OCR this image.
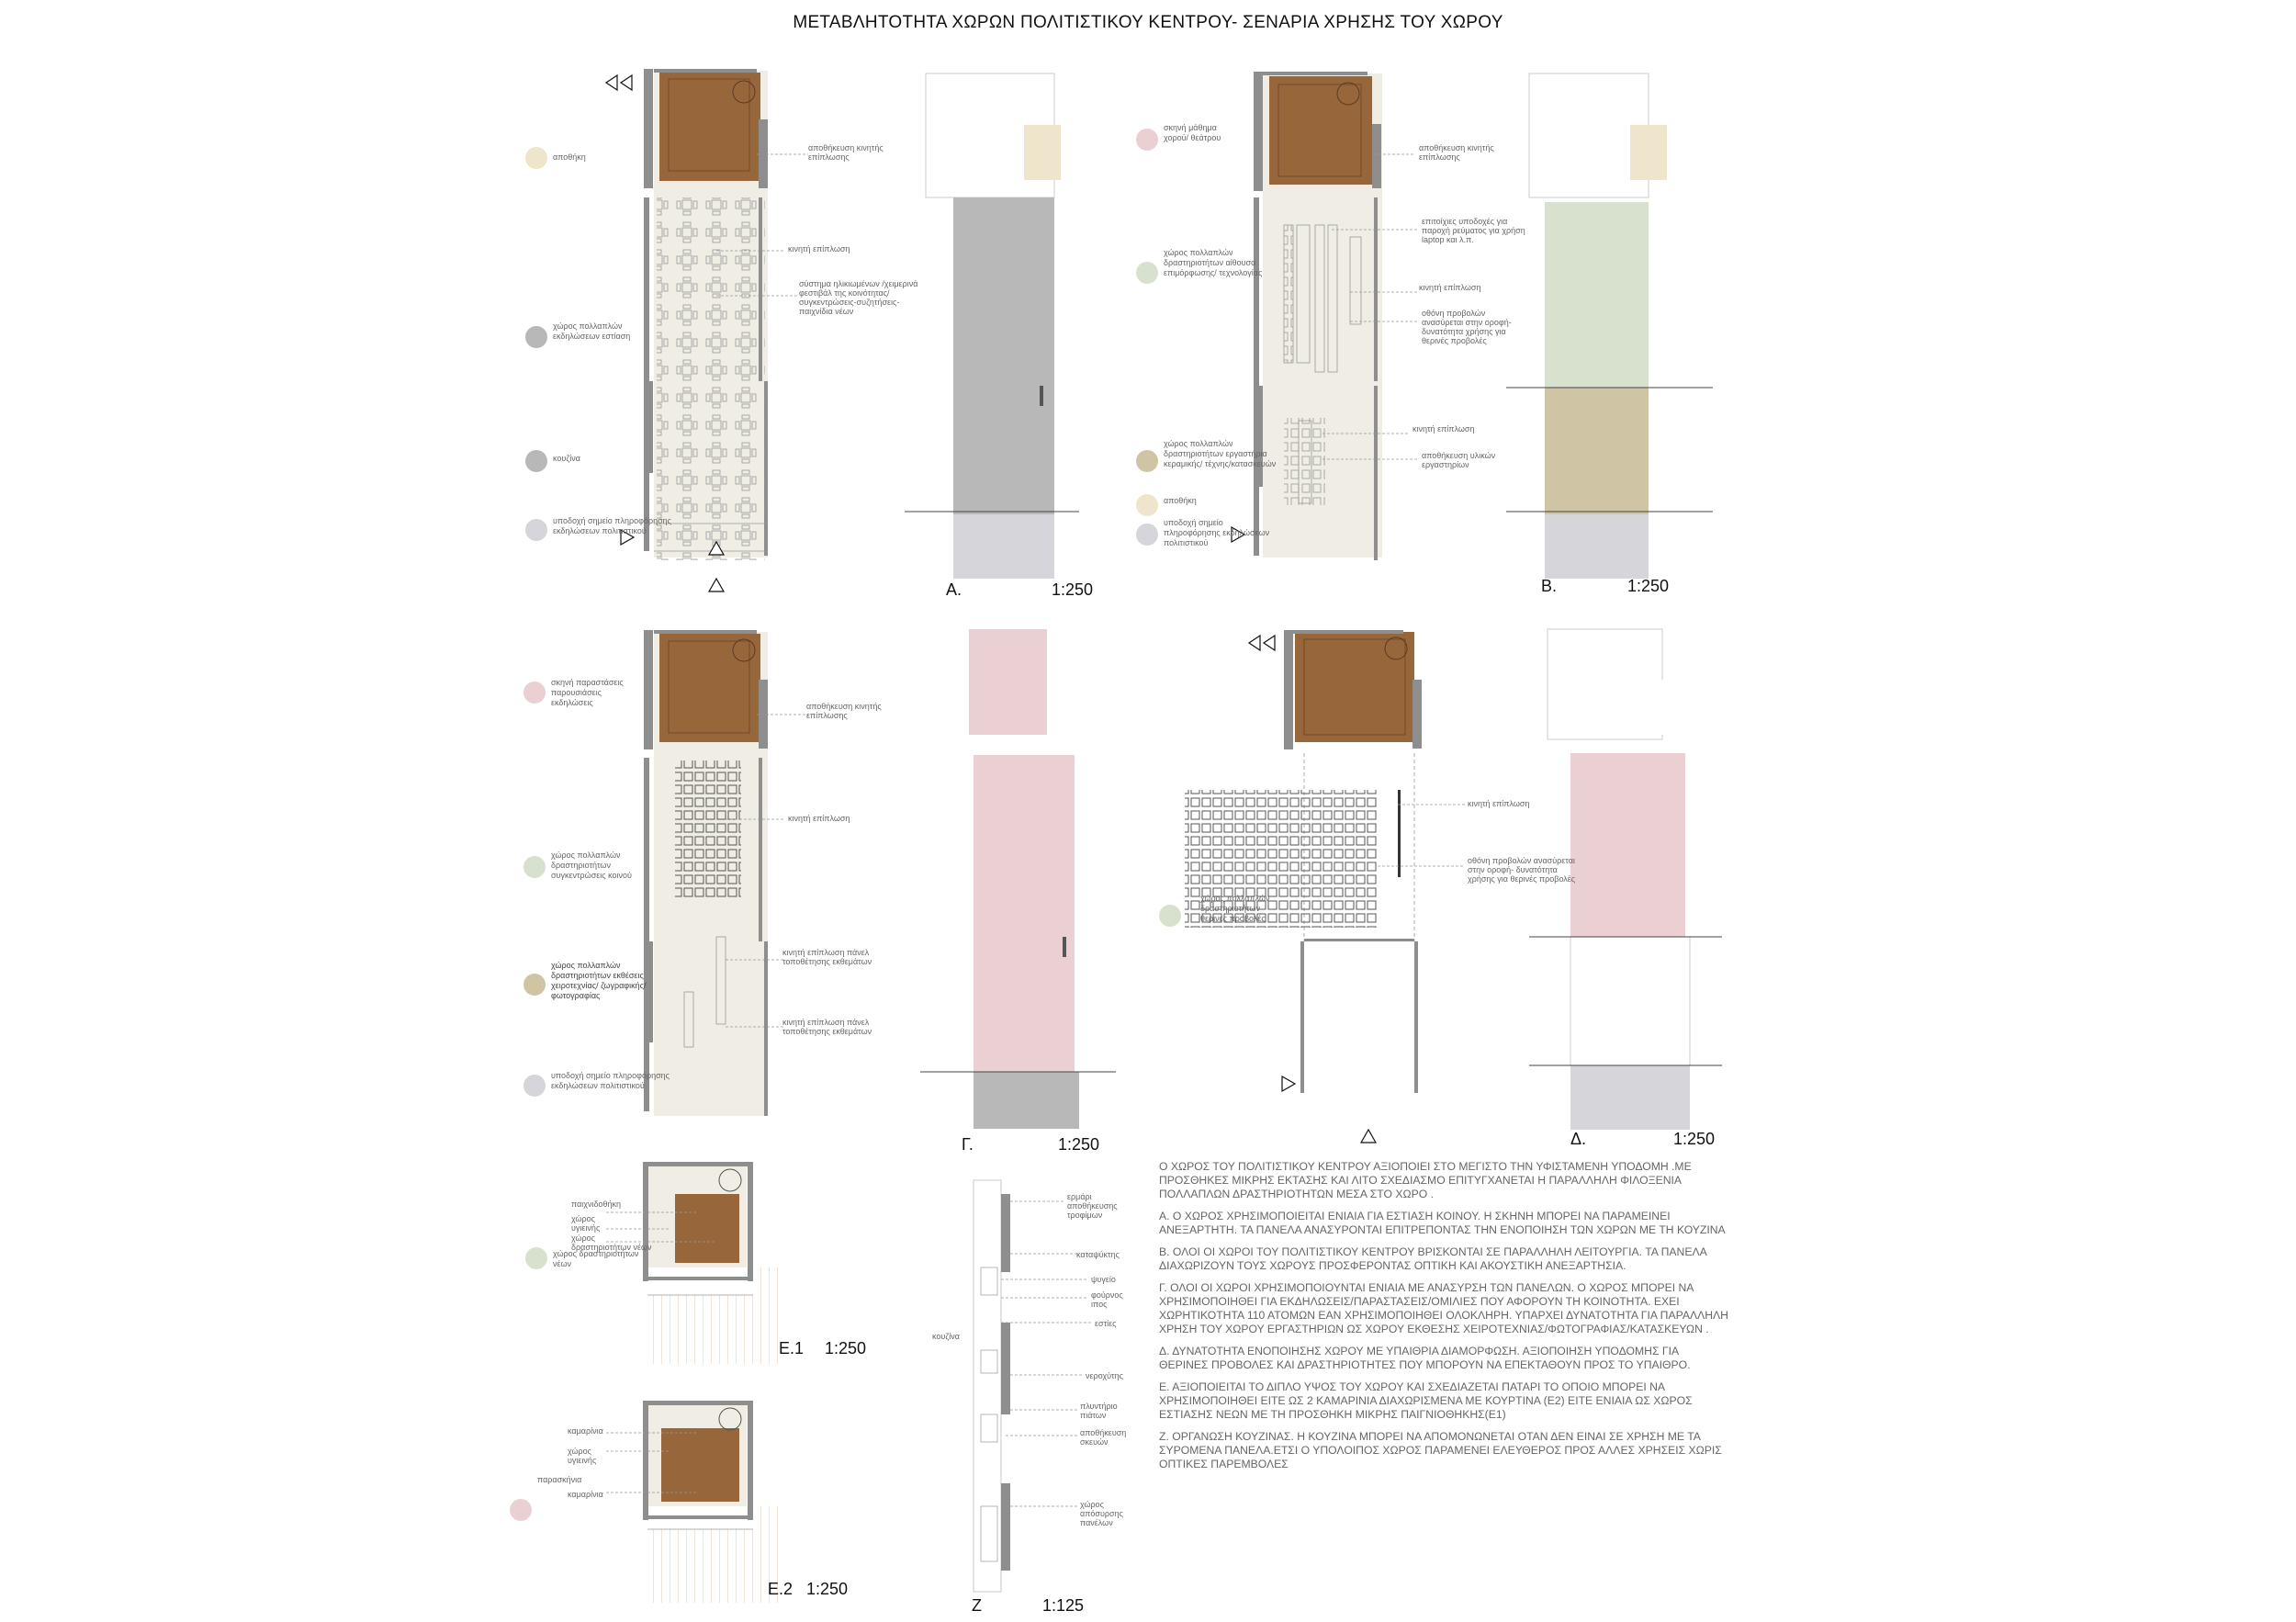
ΜΕΤΑΒΛΗΤΟΤΗΤΑ ΧΩΡΩΝ ΠΟΛΙΤΙΣΤΙΚΟΥ ΚΕΝΤΡΟΥ- ΣΕΝΑΡΙΑ ΧΡΗΣΗΣ ΤΟΥ ΧΩΡΟΥ
αποθήκη
χώρος πολλαπλών εκδηλώσεων εστίαση
κουζίνα
υποδοχή σημείο πληροφόρησης εκδηλώσεων πολιτιστικού
αποθήκευση κινητής επίπλωσης
κινητή επίπλωση
σύστημα ηλικιωμένων /χειμερινά φεστιβάλ της κοινότητας/ συγκεντρώσεις-συζητήσεις-παιχνίδια νέων
σκηνή μάθημα χορού/ θεάτρου
χώρος πολλαπλών δραστηριοτήτων αίθουσα επιμόρφωσης/ τεχνολογίας
χώρος πολλαπλών δραστηριοτήτων εργαστήρια κεραμικής/ τέχνης/κατασκευών
αποθήκη
υποδοχή σημείο πληροφόρησης εκδηλώσεων πολιτιστικού
αποθήκευση κινητής επίπλωσης
επιτοίχιες υποδοχές για παροχή ρεύματος για χρήση laptop και λ.π.
κινητή επίπλωση
οθόνη προβολών ανασύρεται στην οροφή- δυνατότητα χρήσης για θερινές προβολές
κινητή επίπλωση
αποθήκευση υλικών εργαστηρίων
σκηνή παραστάσεις παρουσιάσεις εκδηλώσεις
χώρος πολλαπλών δραστηριοτήτων συγκεντρώσεις κοινού
χώρος πολλαπλών δραστηριοτήτων εκθέσεις χειροτεχνίας/ ζωγραφικής/φωτογραφίας
υποδοχή σημείο πληροφόρησης εκδηλώσεων πολιτιστικού
αποθήκευση κινητής επίπλωσης
κινητή επίπλωση
κινητή επίπλωση πάνελ τοποθέτησης εκθεμάτων
κινητή επίπλωση πάνελ τοποθέτησης εκθεμάτων
χώρος πολλαπλών δραστηριοτήτων θερινές προβολές
κινητή επίπλωση
οθόνη προβολών ανασύρεται στην οροφή- δυνατότητα χρήσης για θερινές προβολές
χώρος δραστηριοτήτων νέων
παιχνιδοθήκη
χώρος υγιεινής
χώρος δραστηριοτήτων νέων
παρασκήνια
καμαρίνια
χώρος υγιεινής
καμαρίνια
ερμάρι αποθήκευσης τροφίμων
καταψύκτης
ψυγείο
φούρνος ιπος
εστίες
νεροχύτης
πλυντήριο πιάτων
αποθήκευση σκευών
χώρος απόσυρσης πανέλων
κουζίνα
Α.	1:250	Β.	1:250
Γ.	1:250	Δ.	1:250
Ε.1 1:250
Ε.2 1:250
Ζ	1:125

Ο ΧΩΡΟΣ ΤΟΥ ΠΟΛΙΤΙΣΤΙΚΟΥ ΚΕΝΤΡΟΥ ΑΞΙΟΠΟΙΕΙ ΣΤΟ ΜΕΓΙΣΤΟ ΤΗΝ ΥΦΙΣΤΑΜΕΝΗ ΥΠΟΔΟΜΗ .ΜΕ ΠΡΟΣΘΗΚΕΣ ΜΙΚΡΗΣ ΕΚΤΑΣΗΣ ΚΑΙ ΛΙΤΟ ΣΧΕΔΙΑΣΜΟ ΕΠΙΤΥΓΧΑΝΕΤΑΙ Η ΠΑΡΑΛΛΗΛΗ ΦΙΛΟΞΕΝΙΑ ΠΟΛΛΑΠΛΩΝ ΔΡΑΣΤΗΡΙΟΤΗΤΩΝ ΜΕΣΑ ΣΤΟ ΧΩΡΟ .

Α. Ο ΧΩΡΟΣ ΧΡΗΣΙΜΟΠΟΙΕΙΤΑΙ ΕΝΙΑΙΑ ΓΙΑ ΕΣΤΙΑΣΗ ΚΟΙΝΟΥ. Η ΣΚΗΝΗ ΜΠΟΡΕΙ ΝΑ ΠΑΡΑΜΕΙΝΕΙ ΑΝΕΞΑΡΤΗΤΗ. ΤΑ ΠΑΝΕΛΑ ΑΝΑΣΥΡΟΝΤΑΙ ΕΠΙΤΡΕΠΟΝΤΑΣ ΤΗΝ ΕΝΟΠΟΙΗΣΗ ΤΩΝ ΧΩΡΩΝ ΜΕ ΤΗ ΚΟΥΖΙΝΑ

Β. ΟΛΟΙ ΟΙ ΧΩΡΟΙ ΤΟΥ ΠΟΛΙΤΙΣΤΙΚΟΥ ΚΕΝΤΡΟΥ ΒΡΙΣΚΟΝΤΑΙ ΣΕ ΠΑΡΑΛΛΗΛΗ ΛΕΙΤΟΥΡΓΙΑ. ΤΑ ΠΑΝΕΛΑ ΔΙΑΧΩΡΙΖΟΥΝ ΤΟΥΣ ΧΩΡΟΥΣ ΠΡΟΣΦΕΡΟΝΤΑΣ ΟΠΤΙΚΗ ΚΑΙ ΑΚΟΥΣΤΙΚΗ ΑΝΕΞΑΡΤΗΣΙΑ.

Γ. ΟΛΟΙ ΟΙ ΧΩΡΟΙ ΧΡΗΣΙΜΟΠΟΙΟΥΝΤΑΙ ΕΝΙΑΙΑ ΜΕ ΑΝΑΣΥΡΣΗ ΤΩΝ ΠΑΝΕΛΩΝ. Ο ΧΩΡΟΣ ΜΠΟΡΕΙ ΝΑ ΧΡΗΣΙΜΟΠΟΙΗΘΕΙ ΓΙΑ ΕΚΔΗΛΩΣΕΙΣ/ΠΑΡΑΣΤΑΣΕΙΣ/ΟΜΙΛΙΕΣ ΠΟΥ ΑΦΟΡΟΥΝ ΤΗ ΚΟΙΝΟΤΗΤΑ. ΕΧΕΙ ΧΩΡΗΤΙΚΟΤΗΤΑ 110 ΑΤΟΜΩΝ ΕΑΝ ΧΡΗΣΙΜΟΠΟΙΗΘΕΙ ΟΛΟΚΛΗΡΗ. ΥΠΑΡΧΕΙ ΔΥΝΑΤΟΤΗΤΑ ΓΙΑ ΠΑΡΑΛΛΗΛΗ ΧΡΗΣΗ ΤΟΥ ΧΩΡΟΥ ΕΡΓΑΣΤΗΡΙΩΝ ΩΣ ΧΩΡΟΥ ΕΚΘΕΣΗΣ ΧΕΙΡΟΤΕΧΝΙΑΣ/ΦΩΤΟΓΡΑΦΙΑΣ/ΚΑΤΑΣΚΕΥΩΝ .

Δ. ΔΥΝΑΤΟΤΗΤΑ ΕΝΟΠΟΙΗΣΗΣ ΧΩΡΟΥ ΜΕ ΥΠΑΙΘΡΙΑ ΔΙΑΜΟΡΦΩΣΗ. ΑΞΙΟΠΟΙΗΣΗ ΥΠΟΔΟΜΗΣ ΓΙΑ ΘΕΡΙΝΕΣ ΠΡΟΒΟΛΕΣ ΚΑΙ ΔΡΑΣΤΗΡΙΟΤΗΤΕΣ ΠΟΥ ΜΠΟΡΟΥΝ ΝΑ ΕΠΕΚΤΑΘΟΥΝ ΠΡΟΣ ΤΟ ΥΠΑΙΘΡΟ.

Ε. ΑΞΙΟΠΟΙΕΙΤΑΙ ΤΟ ΔΙΠΛΟ ΥΨΟΣ ΤΟΥ ΧΩΡΟΥ ΚΑΙ ΣΧΕΔΙΑΖΕΤΑΙ ΠΑΤΑΡΙ ΤΟ ΟΠΟΙΟ ΜΠΟΡΕΙ ΝΑ ΧΡΗΣΙΜΟΠΟΙΗΘΕΙ ΕΙΤΕ ΩΣ 2 ΚΑΜΑΡΙΝΙΑ ΔΙΑΧΩΡΙΣΜΕΝΑ ΜΕ ΚΟΥΡΤΙΝΑ (Ε2) ΕΙΤΕ ΕΝΙΑΙΑ ΩΣ ΧΩΡΟΣ ΕΣΤΙΑΣΗΣ ΝΕΩΝ ΜΕ ΤΗ ΠΡΟΣΘΗΚΗ ΜΙΚΡΗΣ ΠΑΙΓΝΙΟΘΗΚΗΣ(Ε1)

Ζ. ΟΡΓΑΝΩΣΗ ΚΟΥΖΙΝΑΣ. Η ΚΟΥΖΙΝΑ ΜΠΟΡΕΙ ΝΑ ΑΠΟΜΟΝΩΝΕΤΑΙ ΟΤΑΝ ΔΕΝ ΕΙΝΑΙ ΣΕ ΧΡΗΣΗ ΜΕ ΤΑ ΣΥΡΟΜΕΝΑ ΠΑΝΕΛΑ.ΕΤΣΙ Ο ΥΠΟΛΟΙΠΟΣ ΧΩΡΟΣ ΠΑΡΑΜΕΝΕΙ ΕΛΕΥΘΕΡΟΣ ΠΡΟΣ ΑΛΛΕΣ ΧΡΗΣΕΙΣ ΧΩΡΙΣ ΟΠΤΙΚΕΣ ΠΑΡΕΜΒΟΛΕΣ
